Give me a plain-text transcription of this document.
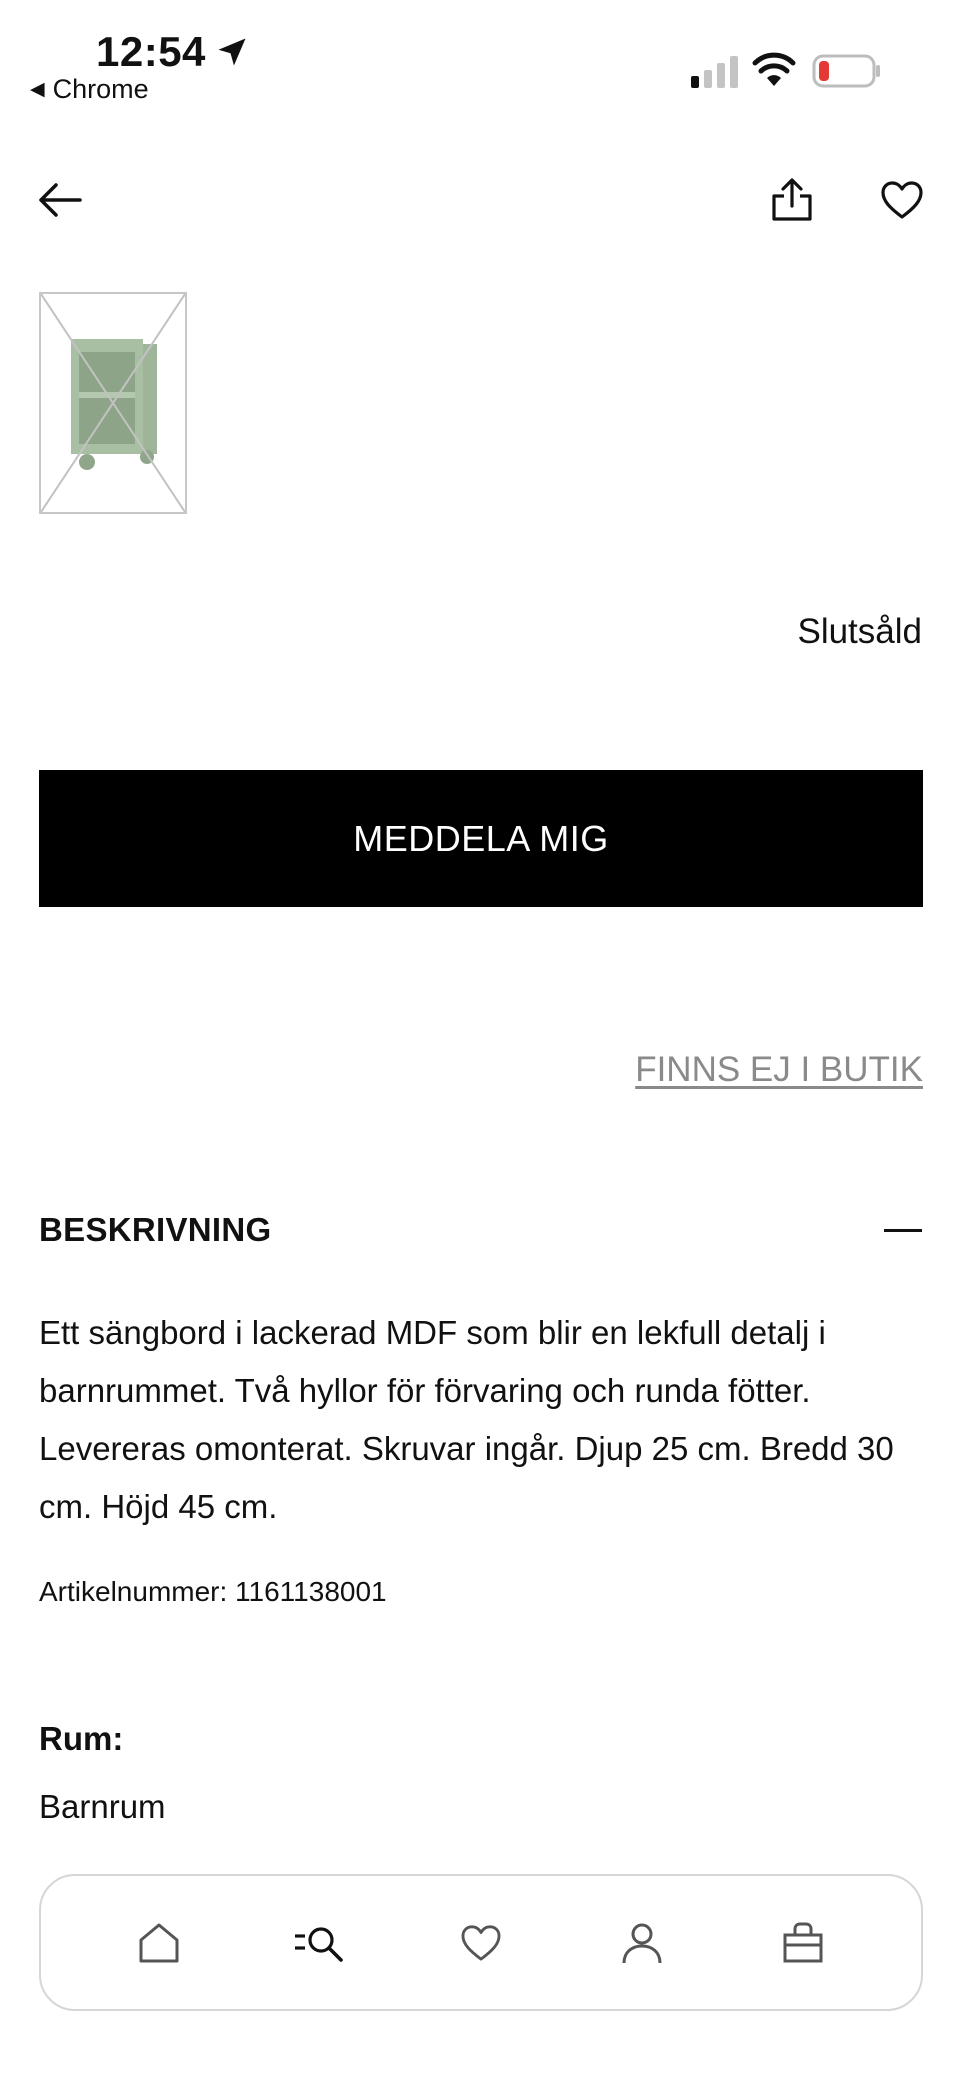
12:54
◀ Chrome
Slutsåld
MEDDELA MIG
FINNS EJ I BUTIK
BESKRIVNING

Ett sängbord i lackerad MDF som blir en lekfull detalj i barnrummet. Två hyllor för förvaring och runda fötter. Levereras omonterat. Skruvar ingår. Djup 25 cm. Bredd 30 cm. Höjd 45 cm.

Artikelnummer: 1161138001
Rum:
Barnrum
